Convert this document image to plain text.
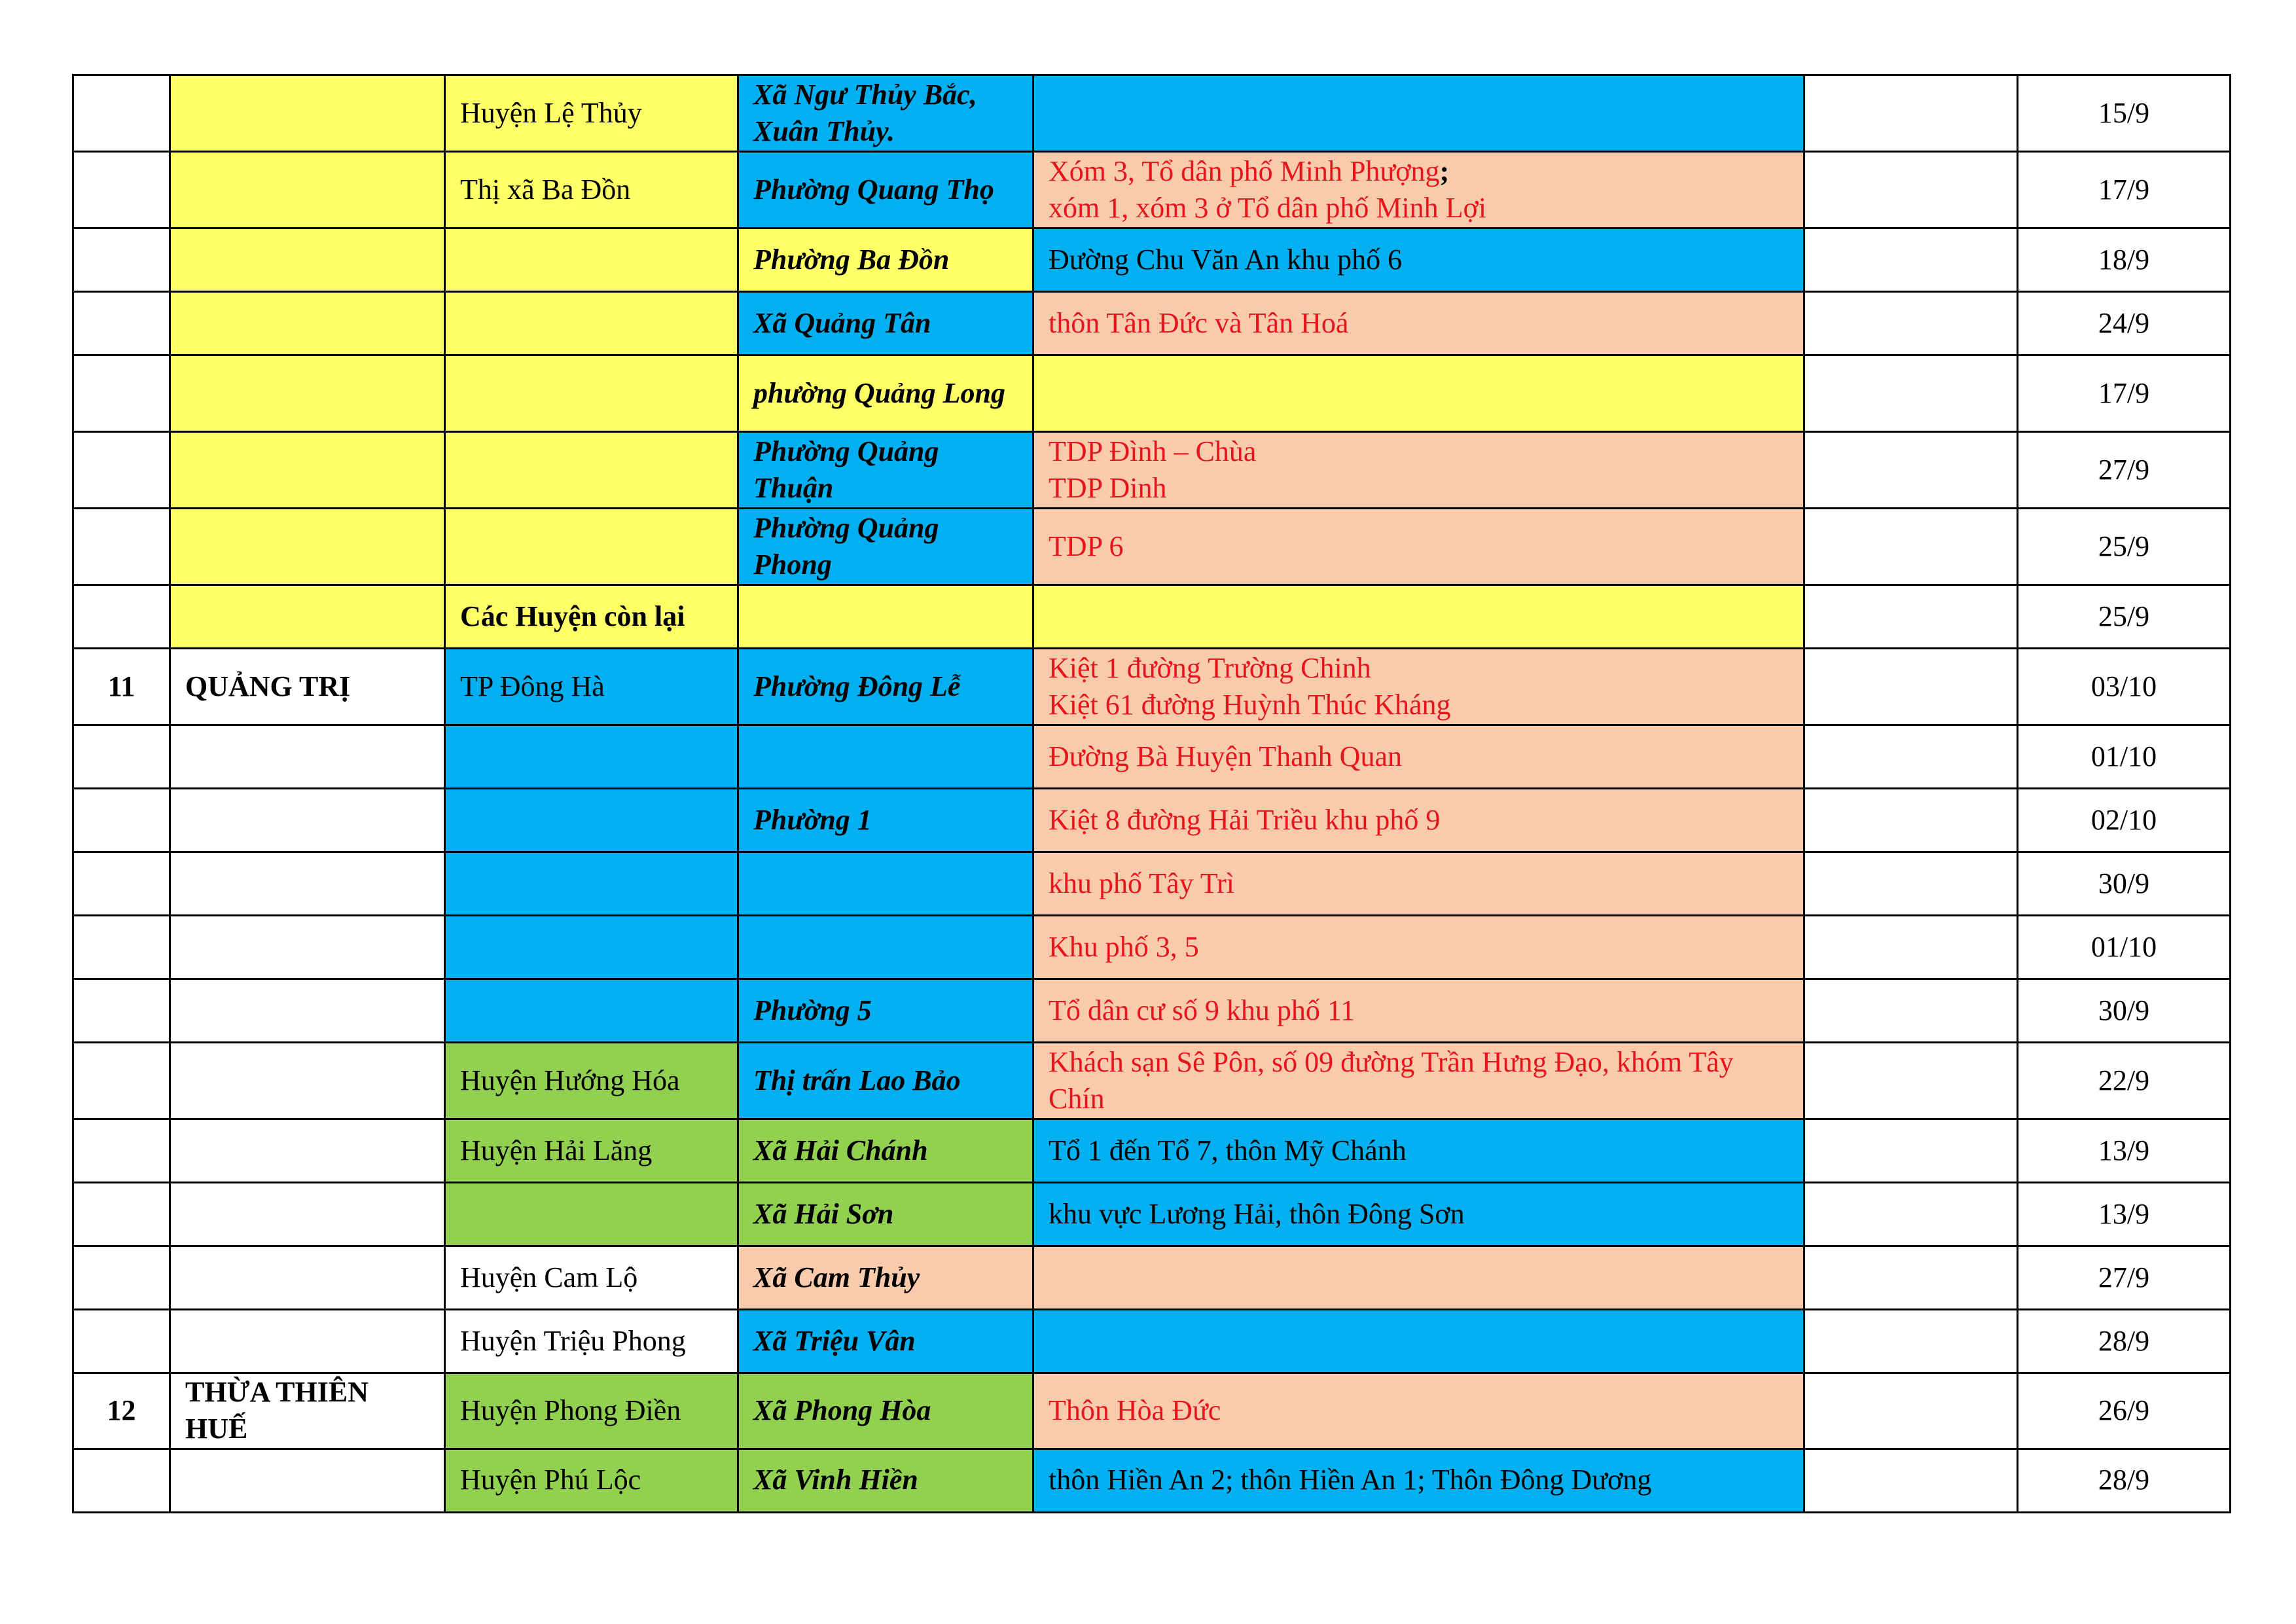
		Huyện Lệ Thủy	Xã Ngư Thủy Bắc, Xuân Thủy.			15/9
		Thị xã Ba Đồn	Phường Quang Thọ	Xóm 3, Tổ dân phố Minh Phượng;
xóm 1, xóm 3 ở Tổ dân phố Minh Lợi		17/9
			Phường Ba Đồn	Đường Chu Văn An khu phố 6		18/9
			Xã Quảng Tân	thôn Tân Đức và Tân Hoá		24/9
			phường Quảng Long			17/9
			Phường Quảng Thuận	TDP Đình – Chùa
TDP Dinh		27/9
			Phường Quảng Phong	TDP 6		25/9
		Các Huyện còn lại				25/9
11	QUẢNG TRỊ	TP Đông Hà	Phường Đông Lễ	Kiệt 1 đường Trường Chinh
Kiệt 61 đường Huỳnh Thúc Kháng		03/10

				Đường Bà Huyện Thanh Quan		01/10
			Phường 1	Kiệt 8 đường Hải Triều khu phố 9		02/10

				khu phố Tây Trì		30/9

				Khu phố 3, 5		01/10
			Phường 5	Tổ dân cư số 9 khu phố 11		30/9
		Huyện Hướng Hóa	Thị trấn Lao Bảo	Khách sạn Sê Pôn, số 09 đường Trần Hưng Đạo, khóm Tây Chín		22/9
		Huyện Hải Lăng	Xã Hải Chánh	Tổ 1 đến Tổ 7, thôn Mỹ Chánh		13/9
			Xã Hải Sơn	khu vực Lương Hải, thôn Đông Sơn		13/9
		Huyện Cam Lộ	Xã Cam Thủy			27/9
		Huyện Triệu Phong	Xã Triệu Vân			28/9
12	THỪA THIÊN HUẾ	Huyện Phong Điền	Xã Phong Hòa	Thôn Hòa Đức		26/9
		Huyện Phú Lộc	Xã Vinh Hiền	thôn Hiền An 2; thôn Hiền An 1; Thôn Đông Dương		28/9
